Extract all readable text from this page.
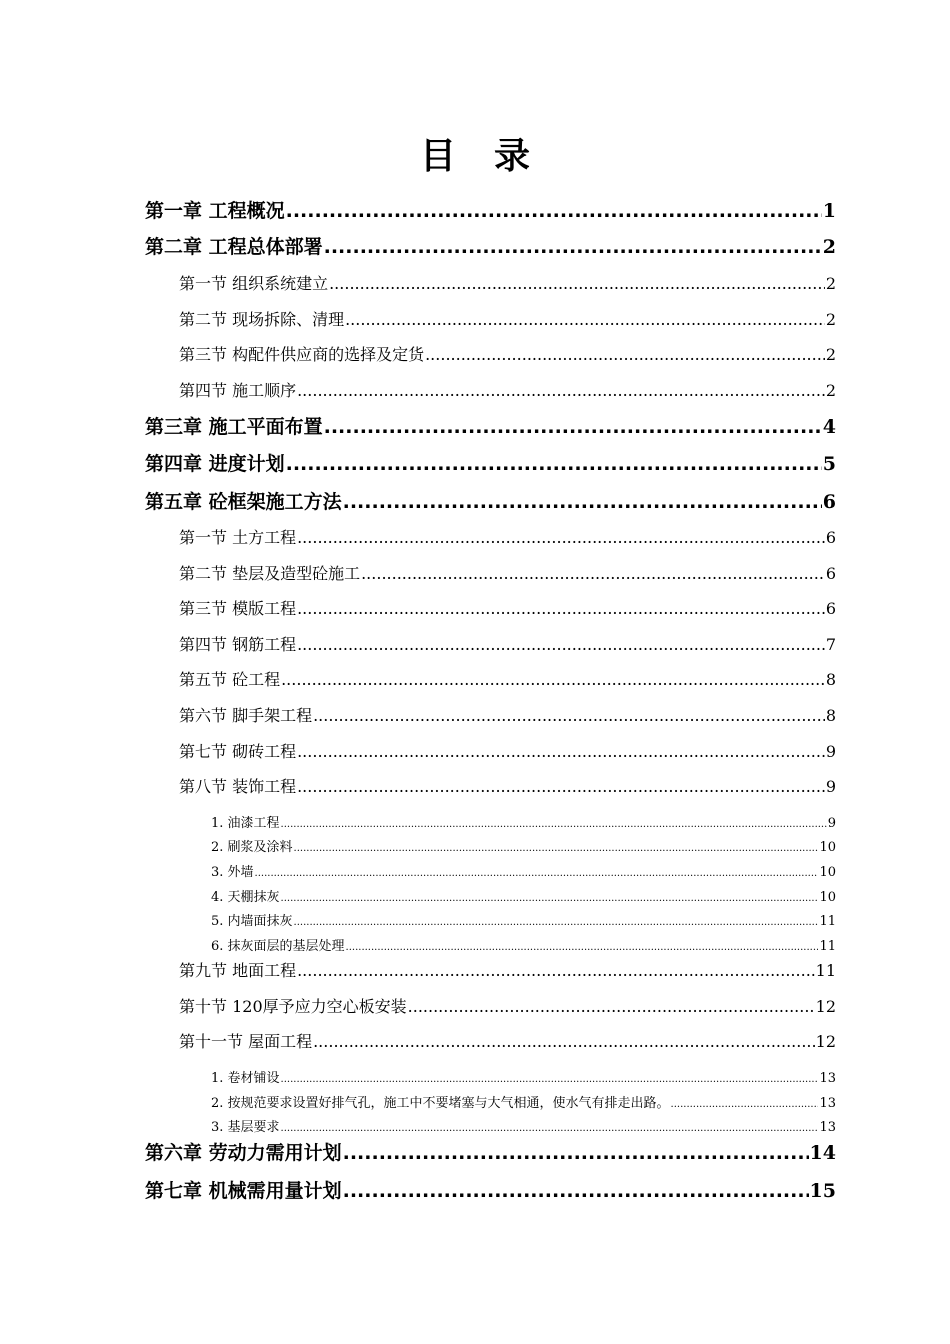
目 录
第一章 工程概况 .....	1
第二章 工程总体部署 .....	2
第一节 组织系统建立 .....	2
第二节 现场拆除、清理 .....	2
第三节 构配件供应商的选择及定货 .....	2
第四节 施工顺序 .....	2
第三章 施工平面布置 .....	4
第四章 进度计划 .....	5
第五章 砼框架施工方法 .....	6
第一节 土方工程 .....	6
第二节 垫层及造型砼施工 .....	6
第三节 模版工程 .....	6
第四节 钢筋工程 .....	7
第五节 砼工程 .....	8
第六节 脚手架工程 .....	8
第七节 砌砖工程 .....	9
第八节 装饰工程 .....	9
1. 油漆工程 .....	9
2. 刷浆及涂料 .....	10
3. 外墙 .....	10
4. 天棚抹灰 .....	10
5. 内墙面抹灰 .....	11
6. 抹灰面层的基层处理 .....	11
第九节 地面工程 .....	11
第十节 120厚予应力空心板安装 .....	12
第十一节 屋面工程 .....	12
1. 卷材铺设 .....	13
2. 按规范要求设置好排气孔，施工中不要堵塞与大气相通，使水气有排走出路。 .....	13
3. 基层要求 .....	13
第六章 劳动力需用计划 .....	14
第七章 机械需用量计划 .....	15
